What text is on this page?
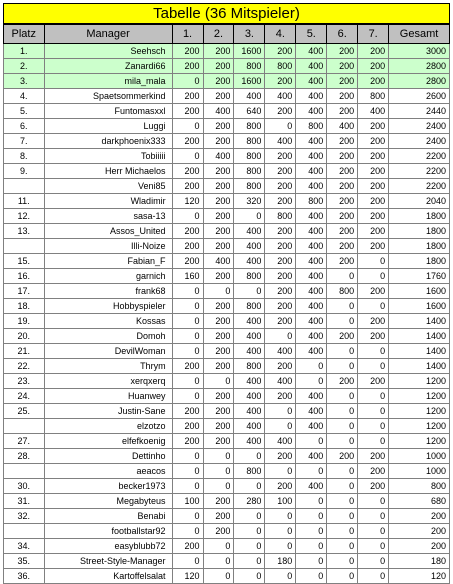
Tabelle (36 Mitspieler)
Platz	Manager	1.	2.	3.	4.	5.	6.	7.	Gesamt
1.	Seehsch	200	200	1600	200	400	200	200	3000
2.	Zanardi66	200	200	800	800	400	200	200	2800
3.	mila_mala	0	200	1600	200	400	200	200	2800
4.	Spaetsommerkind	200	200	400	400	400	200	800	2600
5.	Funtomasxxl	200	400	640	200	400	200	400	2440
6.	Luggi	0	200	800	0	800	400	200	2400
7.	darkphoenix333	200	200	800	400	400	200	200	2400
8.	Tobiiiii	0	400	800	200	400	200	200	2200
9.	Herr Michaelos	200	200	800	200	400	200	200	2200
	Veni85	200	200	800	200	400	200	200	2200
11.	Wladimir	120	200	320	200	800	200	200	2040
12.	sasa-13	0	200	0	800	400	200	200	1800
13.	Assos_United	200	200	400	200	400	200	200	1800
	Illi-Noize	200	200	400	200	400	200	200	1800
15.	Fabian_F	200	400	400	200	400	200	0	1800
16.	garnich	160	200	800	200	400	0	0	1760
17.	frank68	0	0	0	200	400	800	200	1600
18.	Hobbyspieler	0	200	800	200	400	0	0	1600
19.	Kossas	0	200	400	200	400	0	200	1400
20.	Domoh	0	200	400	0	400	200	200	1400
21.	DevilWoman	0	200	400	400	400	0	0	1400
22.	Thrym	200	200	800	200	0	0	0	1400
23.	xerqxerq	0	0	400	400	0	200	200	1200
24.	Huanwey	0	200	400	200	400	0	0	1200
25.	Justin-Sane	200	200	400	0	400	0	0	1200
	elzotzo	200	200	400	0	400	0	0	1200
27.	elfefkoenig	200	200	400	400	0	0	0	1200
28.	Dettinho	0	0	0	200	400	200	200	1000
	aeacos	0	0	800	0	0	0	200	1000
30.	becker1973	0	0	0	200	400	0	200	800
31.	Megabyteus	100	200	280	100	0	0	0	680
32.	Benabi	0	200	0	0	0	0	0	200
	footballstar92	0	200	0	0	0	0	0	200
34.	easyblubb72	200	0	0	0	0	0	0	200
35.	Street-Style-Manager	0	0	0	180	0	0	0	180
36.	Kartoffelsalat	120	0	0	0	0	0	0	120
